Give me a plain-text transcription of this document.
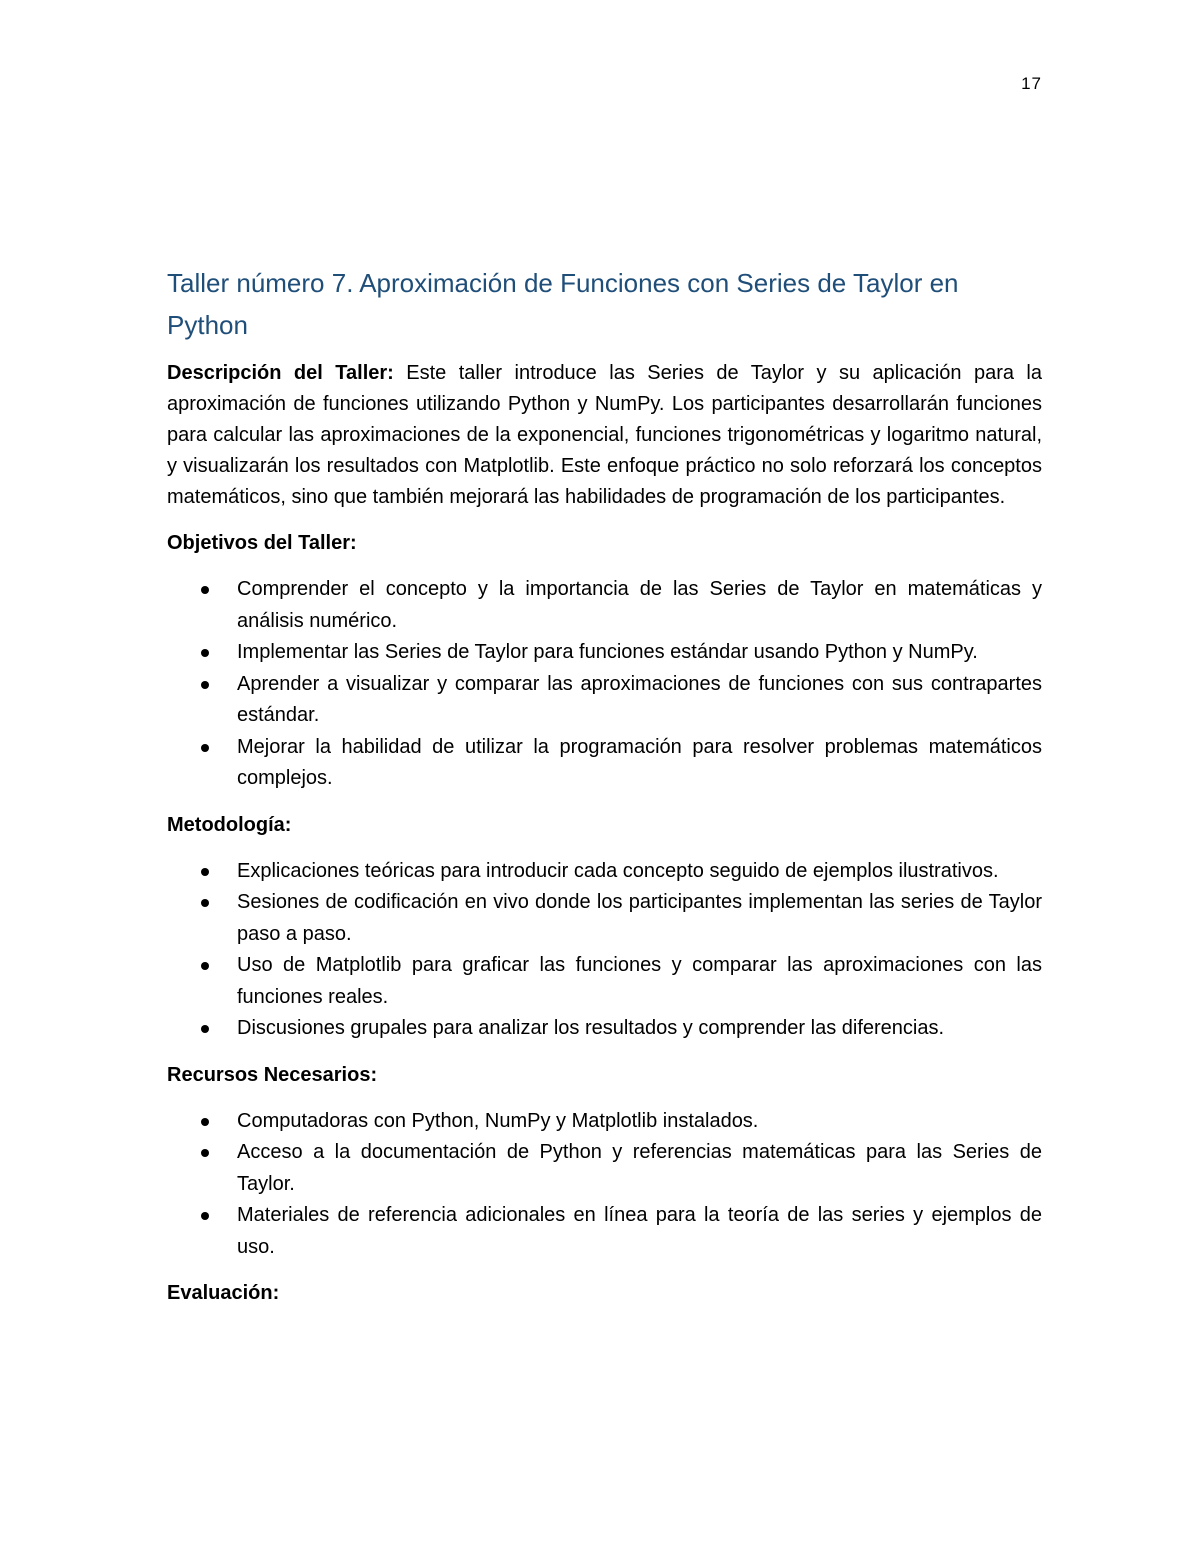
17
Taller número 7. Aproximación de Funciones con Series de Taylor en Python

Descripción del Taller: Este taller introduce las Series de Taylor y su aplicación para la aproximación de funciones utilizando Python y NumPy. Los participantes desarrollarán funciones para calcular las aproximaciones de la exponencial, funciones trigonométricas y logaritmo natural, y visualizarán los resultados con Matplotlib. Este enfoque práctico no solo reforzará los conceptos matemáticos, sino que también mejorará las habilidades de programación de los participantes.

Objetivos del Taller:
Comprender el concepto y la importancia de las Series de Taylor en matemáticas y análisis numérico.
Implementar las Series de Taylor para funciones estándar usando Python y NumPy.
Aprender a visualizar y comparar las aproximaciones de funciones con sus contrapartes estándar.
Mejorar la habilidad de utilizar la programación para resolver problemas matemáticos complejos.
Metodología:
Explicaciones teóricas para introducir cada concepto seguido de ejemplos ilustrativos.
Sesiones de codificación en vivo donde los participantes implementan las series de Taylor paso a paso.
Uso de Matplotlib para graficar las funciones y comparar las aproximaciones con las funciones reales.
Discusiones grupales para analizar los resultados y comprender las diferencias.
Recursos Necesarios:
Computadoras con Python, NumPy y Matplotlib instalados.
Acceso a la documentación de Python y referencias matemáticas para las Series de Taylor.
Materiales de referencia adicionales en línea para la teoría de las series y ejemplos de uso.
Evaluación:
